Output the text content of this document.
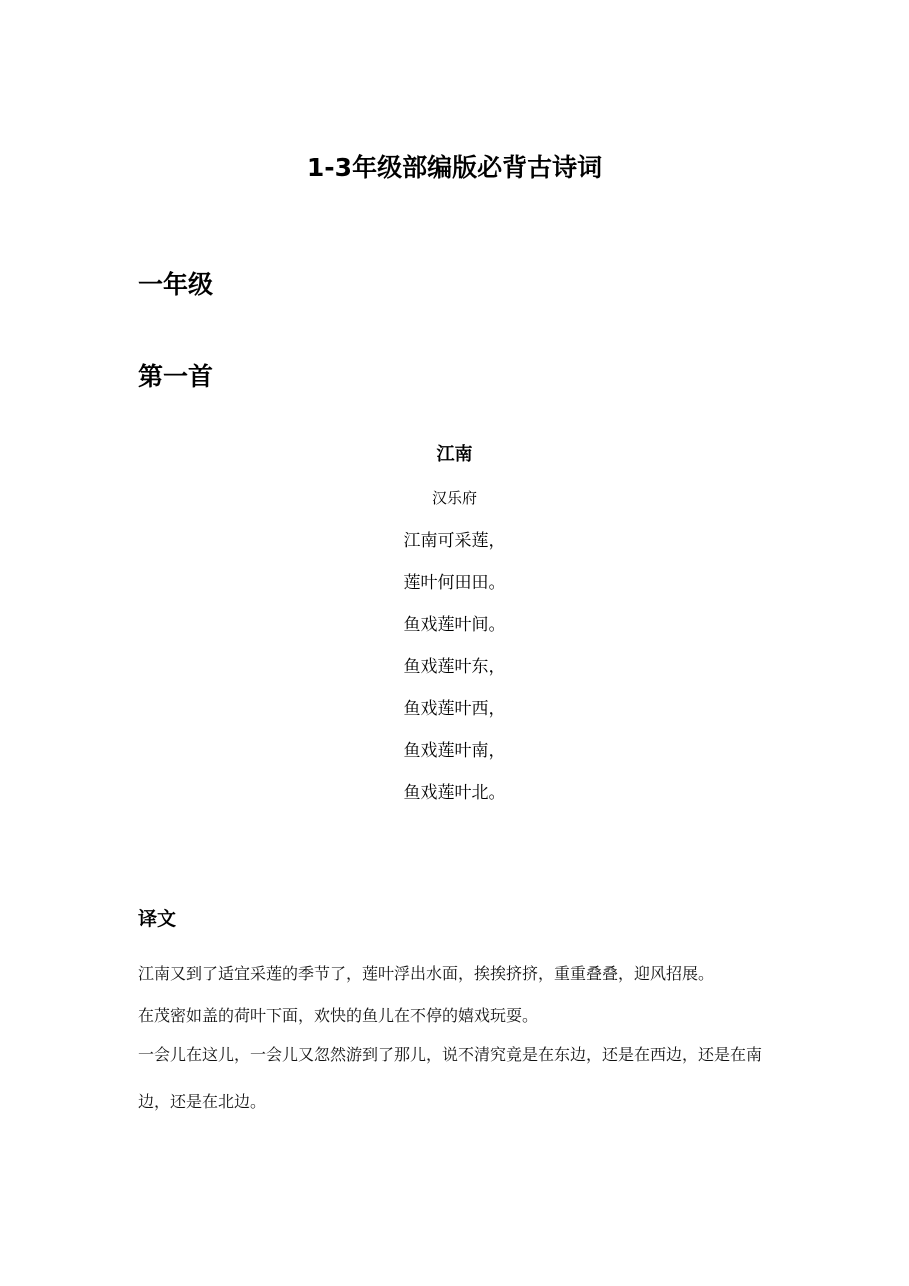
1-3年级部编版必背古诗词
一年级
第一首
江南
汉乐府
江南可采莲，
莲叶何田田。
鱼戏莲叶间。
鱼戏莲叶东，
鱼戏莲叶西，
鱼戏莲叶南，
鱼戏莲叶北。
译文

江南又到了适宜采莲的季节了，莲叶浮出水面，挨挨挤挤，重重叠叠，迎风招展。

在茂密如盖的荷叶下面，欢快的鱼儿在不停的嬉戏玩耍。

一会儿在这儿，一会儿又忽然游到了那儿，说不清究竟是在东边，还是在西边，还是在南边，还是在北边。
